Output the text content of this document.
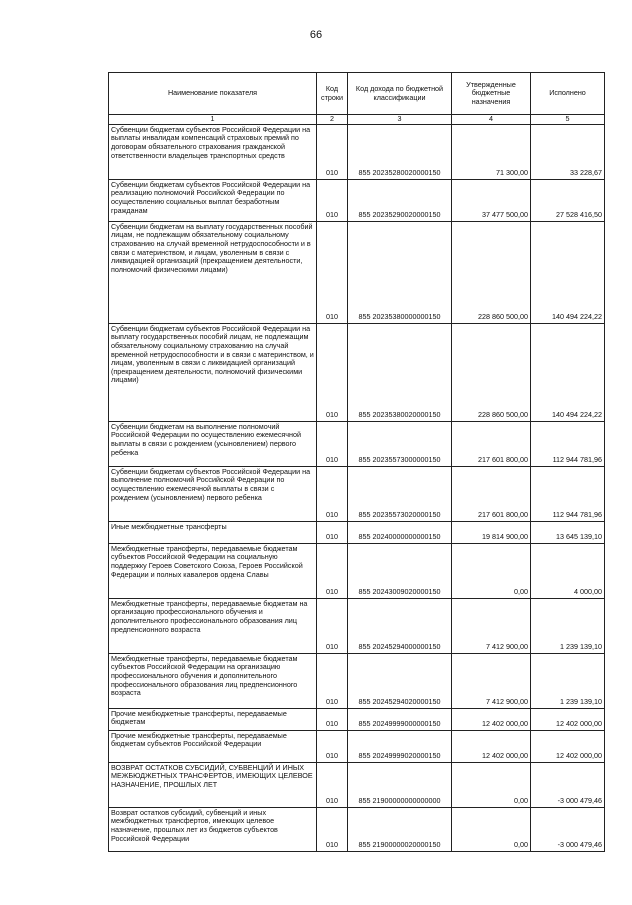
66
Наименование показателя	Код строки	Код дохода по бюджетной классификации	Утвержденные бюджетные назначения	Исполнено
1	2	3	4	5
Субвенции бюджетам субъектов Российской Федерации на выплаты инвалидам компенсаций страховых премий по договорам обязательного страхования гражданской ответственности владельцев транспортных средств	010	855 20235280020000150	71 300,00	33 228,67
Субвенции бюджетам субъектов Российской Федерации на реализацию полномочий Российской Федерации по осуществлению социальных выплат безработным гражданам	010	855 20235290020000150	37 477 500,00	27 528 416,50
Субвенции бюджетам на выплату государственных пособий лицам, не подлежащим обязательному социальному страхованию на случай временной нетрудоспособности и в связи с материнством, и лицам, уволенным в связи с ликвидацией организаций (прекращением деятельности, полномочий физическими лицами)	010	855 20235380000000150	228 860 500,00	140 494 224,22
Субвенции бюджетам субъектов Российской Федерации на выплату государственных пособий лицам, не подлежащим обязательному социальному страхованию на случай временной нетрудоспособности и в связи с материнством, и лицам, уволенным в связи с ликвидацией организаций (прекращением деятельности, полномочий физическими лицами)	010	855 20235380020000150	228 860 500,00	140 494 224,22
Субвенции бюджетам на выполнение полномочий Российской Федерации по осуществлению ежемесячной выплаты в связи с рождением (усыновлением) первого ребенка	010	855 20235573000000150	217 601 800,00	112 944 781,96
Субвенции бюджетам субъектов Российской Федерации на выполнение полномочий Российской Федерации по осуществлению ежемесячной выплаты в связи с рождением (усыновлением) первого ребенка	010	855 20235573020000150	217 601 800,00	112 944 781,96
Иные межбюджетные трансферты	010	855 20240000000000150	19 814 900,00	13 645 139,10
Межбюджетные трансферты, передаваемые бюджетам субъектов Российской Федерации на социальную поддержку Героев Советского Союза, Героев Российской Федерации и полных кавалеров ордена Славы	010	855 20243009020000150	0,00	4 000,00
Межбюджетные трансферты, передаваемые бюджетам на организацию профессионального обучения и дополнительного профессионального образования лиц предпенсионного возраста	010	855 20245294000000150	7 412 900,00	1 239 139,10
Межбюджетные трансферты, передаваемые бюджетам субъектов Российской Федерации на организацию профессионального обучения и дополнительного профессионального образования лиц предпенсионного возраста	010	855 20245294020000150	7 412 900,00	1 239 139,10
Прочие межбюджетные трансферты, передаваемые бюджетам	010	855 20249999000000150	12 402 000,00	12 402 000,00
Прочие межбюджетные трансферты, передаваемые бюджетам субъектов Российской Федерации	010	855 20249999020000150	12 402 000,00	12 402 000,00
ВОЗВРАТ ОСТАТКОВ СУБСИДИЙ, СУБВЕНЦИЙ И ИНЫХ МЕЖБЮДЖЕТНЫХ ТРАНСФЕРТОВ, ИМЕЮЩИХ ЦЕЛЕВОЕ НАЗНАЧЕНИЕ, ПРОШЛЫХ ЛЕТ	010	855 21900000000000000	0,00	-3 000 479,46
Возврат остатков субсидий, субвенций и иных межбюджетных трансфертов, имеющих целевое назначение, прошлых лет из бюджетов субъектов Российской Федерации	010	855 21900000020000150	0,00	-3 000 479,46
